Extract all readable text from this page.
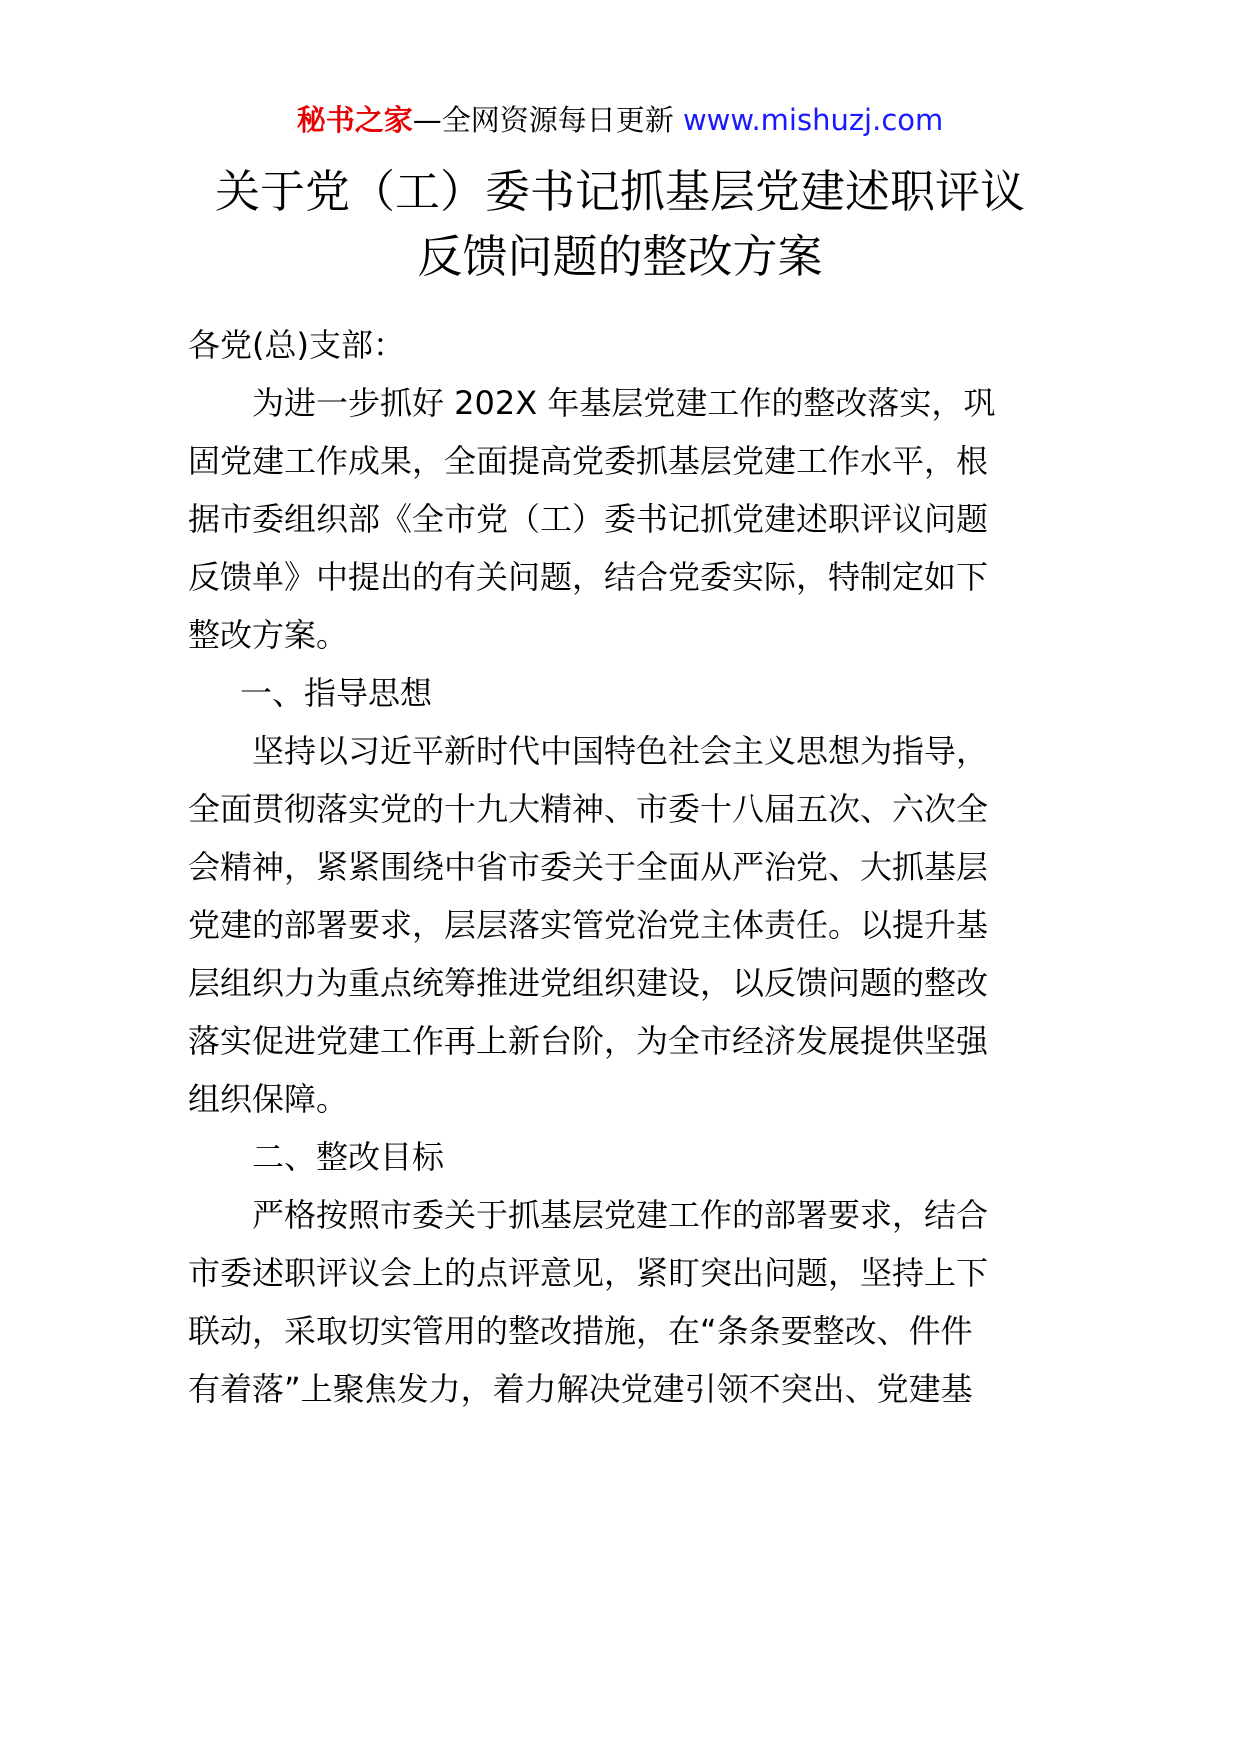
秘书之家—全网资源每日更新 www.mishuzj.com
关于党（工）委书记抓基层党建述职评议
反馈问题的整改方案
各党(总)支部：
为进一步抓好 202X 年基层党建工作的整改落实，巩
固党建工作成果，全面提高党委抓基层党建工作水平，根
据市委组织部《全市党（工）委书记抓党建述职评议问题
反馈单》中提出的有关问题，结合党委实际，特制定如下
整改方案。
一、指导思想
坚持以习近平新时代中国特色社会主义思想为指导，
全面贯彻落实党的十九大精神、市委十八届五次、六次全
会精神，紧紧围绕中省市委关于全面从严治党、大抓基层
党建的部署要求，层层落实管党治党主体责任。以提升基
层组织力为重点统筹推进党组织建设，以反馈问题的整改
落实促进党建工作再上新台阶，为全市经济发展提供坚强
组织保障。
二、整改目标
严格按照市委关于抓基层党建工作的部署要求，结合
市委述职评议会上的点评意见，紧盯突出问题，坚持上下
联动，采取切实管用的整改措施，在“条条要整改、件件
有着落”上聚焦发力，着力解决党建引领不突出、党建基
